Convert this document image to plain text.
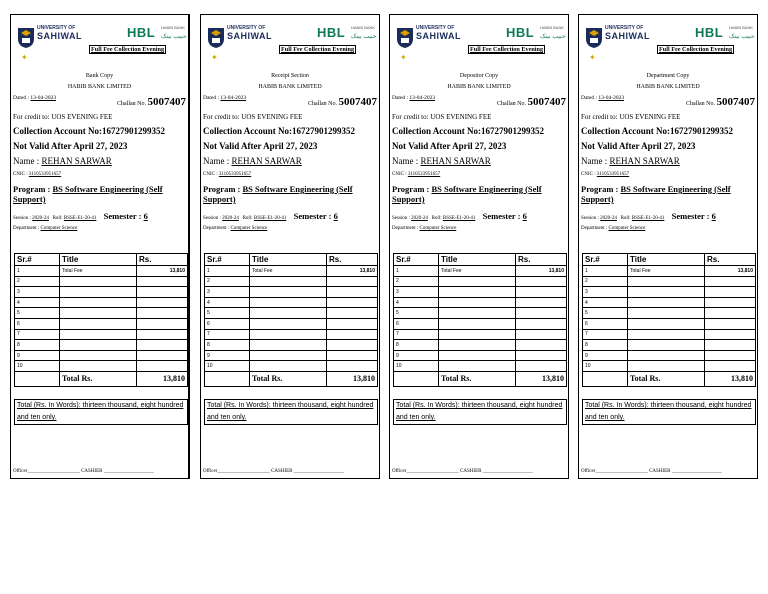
UNIVERSITY OF
SAHIWAL	HBL HABIB BANK
حبیب بینک
✦
Full Fee Collection Evening
Bank Copy
HABIB BANK LIMITED
Dated : 13-04-2023
Challan No. 5007407
For credit to: UOS EVENING FEE
Collection Account No:16727901299352
Not Valid After April 27, 2023
Name : REHAN SARWAR
CNIC : 3110533951657
Program : BS Software Engineering (Self Support)
Session : 2020-24 Roll: BSSE-E1-20-41 Semester : 6
Department : Computer Science
Sr.#	Title	Rs.
1	Total Fee	13,810
2		
3		
4		
5		
6		
7		
8		
9		
10		
	Total Rs.	13,810
Total (Rs. In Words): thirteen thousand, eight hundred and ten only.
Officer_____________________ CASHIER ____________________
UNIVERSITY OF
SAHIWAL	HBL HABIB BANK
حبیب بینک
✦
Full Fee Collection Evening
Receipt Section
HABIB BANK LIMITED
Dated : 13-04-2023
Challan No. 5007407
For credit to: UOS EVENING FEE
Collection Account No:16727901299352
Not Valid After April 27, 2023
Name : REHAN SARWAR
CNIC : 3110533951657
Program : BS Software Engineering (Self Support)
Session : 2020-24 Roll: BSSE-E1-20-41 Semester : 6
Department : Computer Science
Sr.#	Title	Rs.
1	Total Fee	13,810
2		
3		
4		
5		
6		
7		
8		
9		
10		
	Total Rs.	13,810
Total (Rs. In Words): thirteen thousand, eight hundred and ten only.
Officer_____________________ CASHIER ____________________
UNIVERSITY OF
SAHIWAL	HBL HABIB BANK
حبیب بینک
✦
Full Fee Collection Evening
Depositor Copy
HABIB BANK LIMITED
Dated : 13-04-2023
Challan No. 5007407
For credit to: UOS EVENING FEE
Collection Account No:16727901299352
Not Valid After April 27, 2023
Name : REHAN SARWAR
CNIC : 3110533951657
Program : BS Software Engineering (Self Support)
Session : 2020-24 Roll: BSSE-E1-20-41 Semester : 6
Department : Computer Science
Sr.#	Title	Rs.
1	Total Fee	13,810
2		
3		
4		
5		
6		
7		
8		
9		
10		
	Total Rs.	13,810
Total (Rs. In Words): thirteen thousand, eight hundred and ten only.
Officer_____________________ CASHIER ____________________
UNIVERSITY OF
SAHIWAL	HBL HABIB BANK
حبیب بینک
✦
Full Fee Collection Evening
Department Copy
HABIB BANK LIMITED
Dated : 13-04-2023
Challan No. 5007407
For credit to: UOS EVENING FEE
Collection Account No:16727901299352
Not Valid After April 27, 2023
Name : REHAN SARWAR
CNIC : 3110533951657
Program : BS Software Engineering (Self Support)
Session : 2020-24 Roll: BSSE-E1-20-41 Semester : 6
Department : Computer Science
Sr.#	Title	Rs.
1	Total Fee	13,810
2		
3		
4		
5		
6		
7		
8		
9		
10		
	Total Rs.	13,810
Total (Rs. In Words): thirteen thousand, eight hundred and ten only.
Officer_____________________ CASHIER ____________________
